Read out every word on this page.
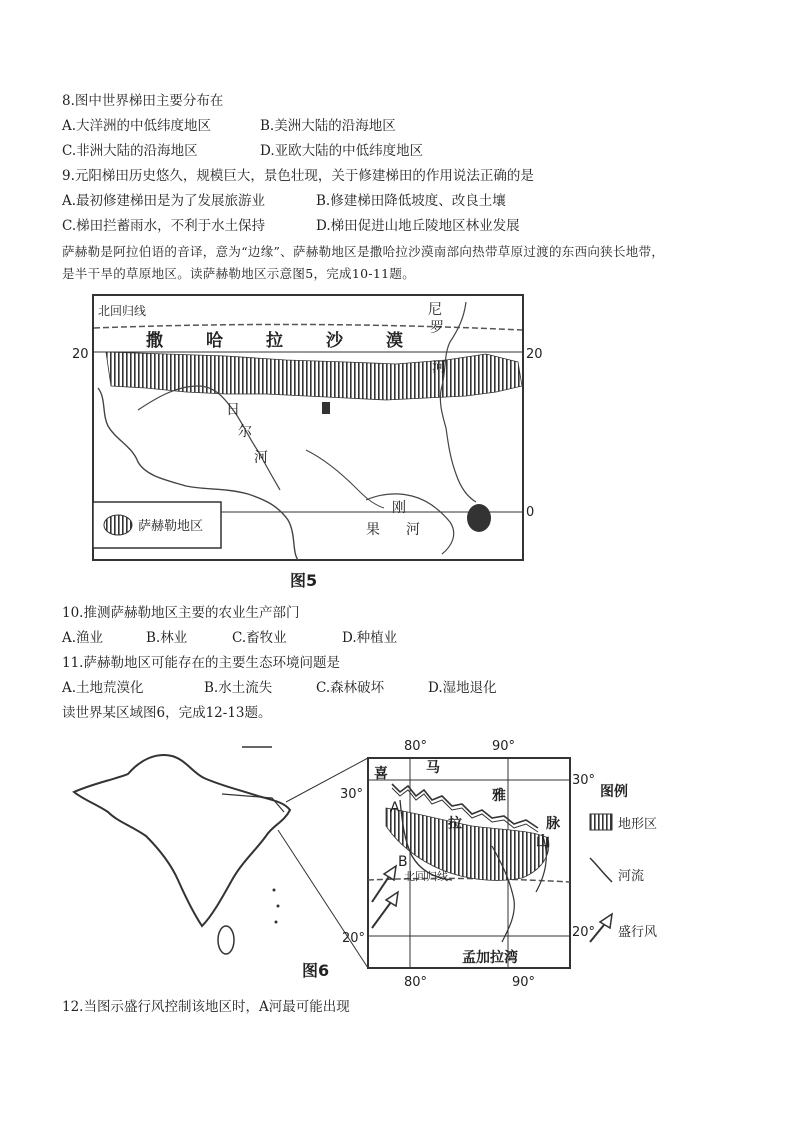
8.图中世界梯田主要分布在
A.大洋洲的中低纬度地区	B.美洲大陆的沿海地区
C.非洲大陆的沿海地区	D.亚欧大陆的中低纬度地区
9.元阳梯田历史悠久，规模巨大，景色壮现，关于修建梯田的作用说法正确的是
A.最初修建梯田是为了发展旅游业	B.修建梯田降低坡度、改良土壤
C.梯田拦蓄雨水，不利于水土保持	D.梯田促进山地丘陵地区林业发展
萨赫勒是阿拉伯语的音译，意为“边缘”、萨赫勒地区是撒哈拉沙漠南部向热带草原过渡的东西向狭长地带，
是半干旱的草原地区。读萨赫勒地区示意图5，完成10-11题。
北回归线
20	20
0
撒	哈	拉	沙	漠
尼
罗
河
日
尔
河
刚
果 河
萨赫勒地区
图5
10.推测萨赫勒地区主要的农业生产部门
A.渔业	B.林业	C.畜牧业	D.种植业
11.萨赫勒地区可能存在的主要生态环境问题是
A.土地荒漠化	B.水土流失	C.森林破坏	D.湿地退化
读世界某区域图6，完成12-13题。
80°	90°
80°	90°
30°
30°
20°	20°
喜	马
拉
雅
山
脉
A
B
北回归线
孟加拉湾
图例
地形区
河流
盛行风
图6
12.当图示盛行风控制该地区时，A河最可能出现
